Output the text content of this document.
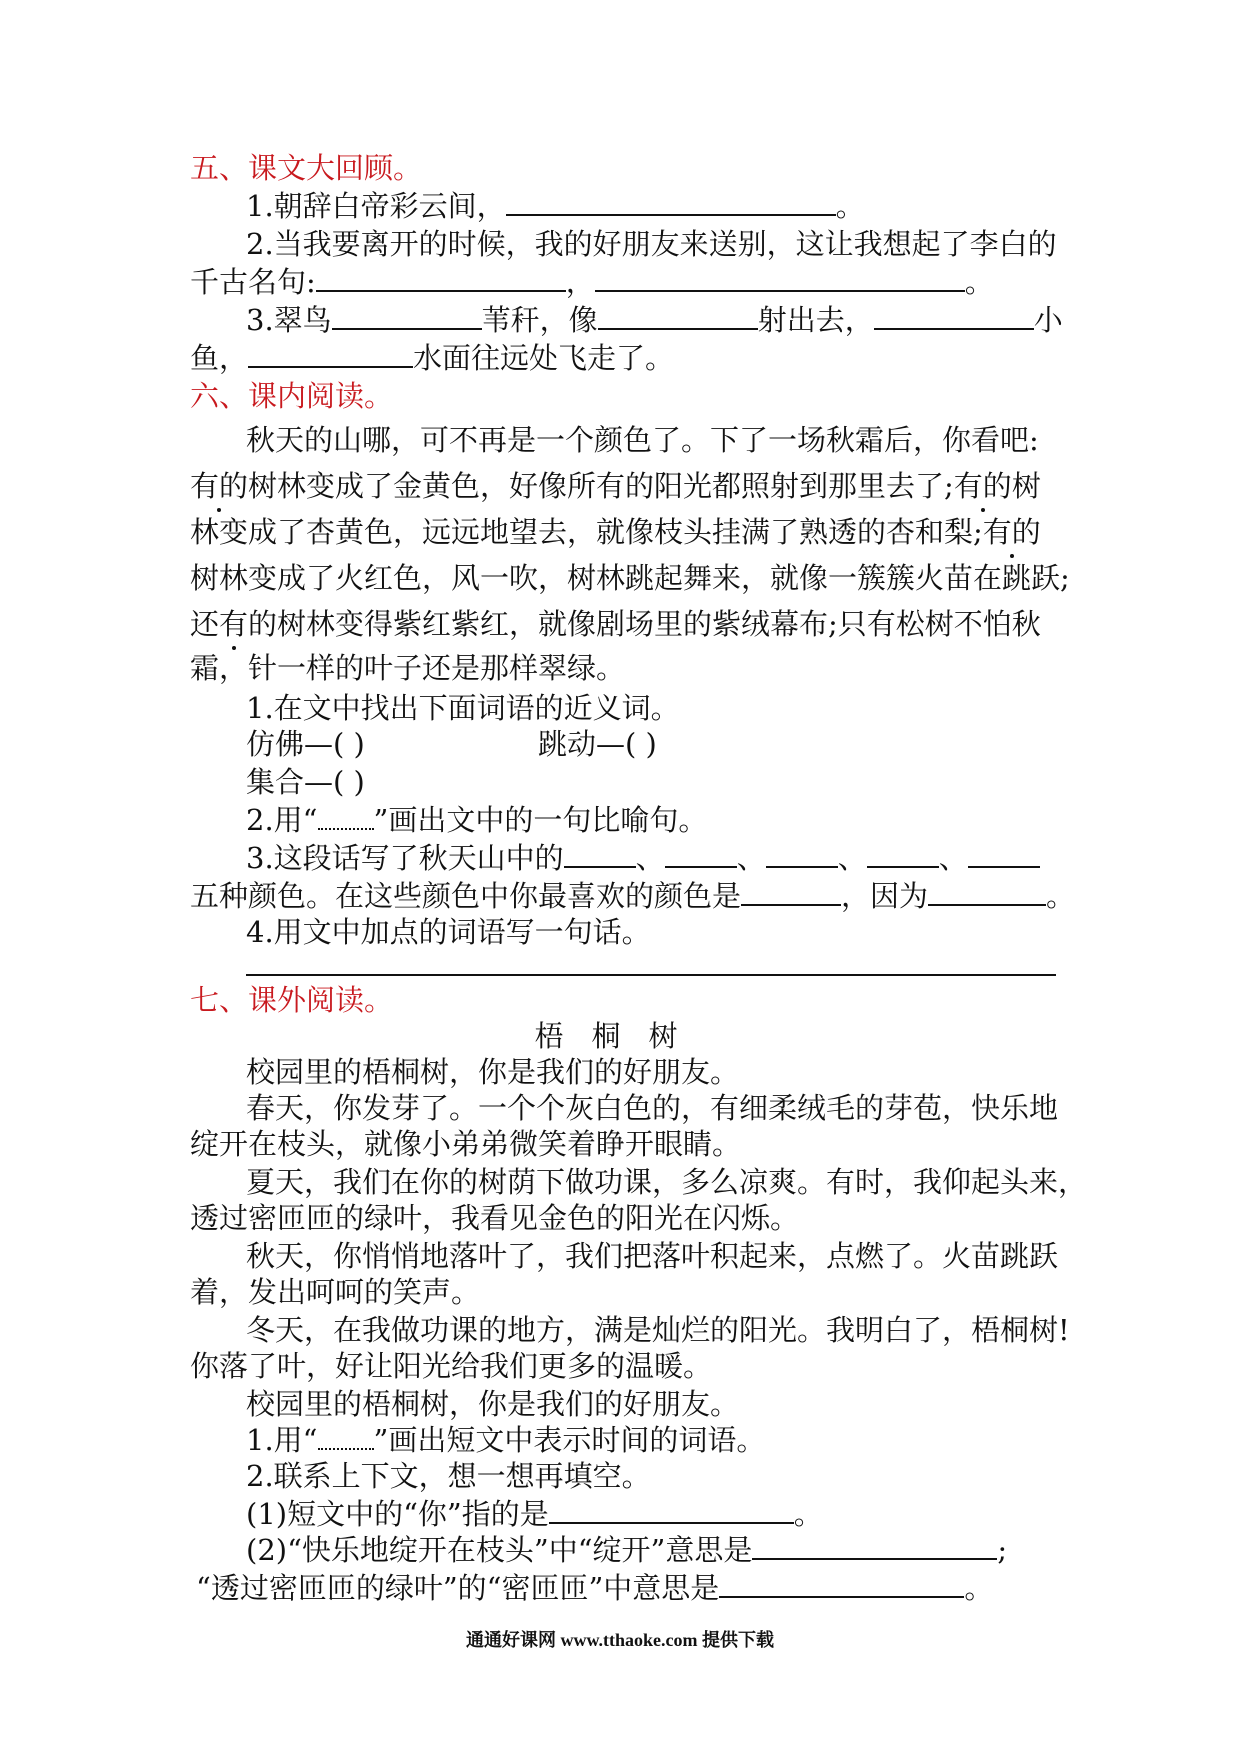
五、课文大回顾。
1.朝辞白帝彩云间，	。
2.当我要离开的时候，我的好朋友来送别，这让我想起了李白的
千古名句:	，	。
3.翠鸟	苇秆，像	射出去，	小
鱼，	水面往远处飞走了。
六、课内阅读。
秋天的山哪，可不再是一个颜色了。下了一场秋霜后，你看吧:
有的树林变成了金黄色，好像所有的阳光都照射到那里去了;有的树
林变成了杏黄色，远远地望去，就像枝头挂满了熟透的杏和梨;有的
树林变成了火红色，风一吹，树林跳起舞来，就像一簇簇火苗在跳跃;
还有的树林变得紫红紫红，就像剧场里的紫绒幕布;只有松树不怕秋
霜，针一样的叶子还是那样翠绿。
1.在文中找出下面词语的近义词。
仿佛—( )	跳动—( )
集合—( )
2.用“ ”画出文中的一句比喻句。
3.这段话写了秋天山中的 、 、 、 、
五种颜色。在这些颜色中你最喜欢的颜色是	，因为	。
4.用文中加点的词语写一句话。
七、课外阅读。
梧桐树
校园里的梧桐树，你是我们的好朋友。
春天，你发芽了。一个个灰白色的，有细柔绒毛的芽苞，快乐地
绽开在枝头，就像小弟弟微笑着睁开眼睛。
夏天，我们在你的树荫下做功课，多么凉爽。有时，我仰起头来，
透过密匝匝的绿叶，我看见金色的阳光在闪烁。
秋天，你悄悄地落叶了，我们把落叶积起来，点燃了。火苗跳跃
着，发出呵呵的笑声。
冬天，在我做功课的地方，满是灿烂的阳光。我明白了，梧桐树!
你落了叶，好让阳光给我们更多的温暖。
校园里的梧桐树，你是我们的好朋友。
1.用“ ”画出短文中表示时间的词语。
2.联系上下文，想一想再填空。
(1)短文中的“你”指的是	。
(2)“快乐地绽开在枝头”中“绽开”意思是	;
“透过密匝匝的绿叶”的“密匝匝”中意思是	。
通通好课网 www.tthaoke.com 提供下载
